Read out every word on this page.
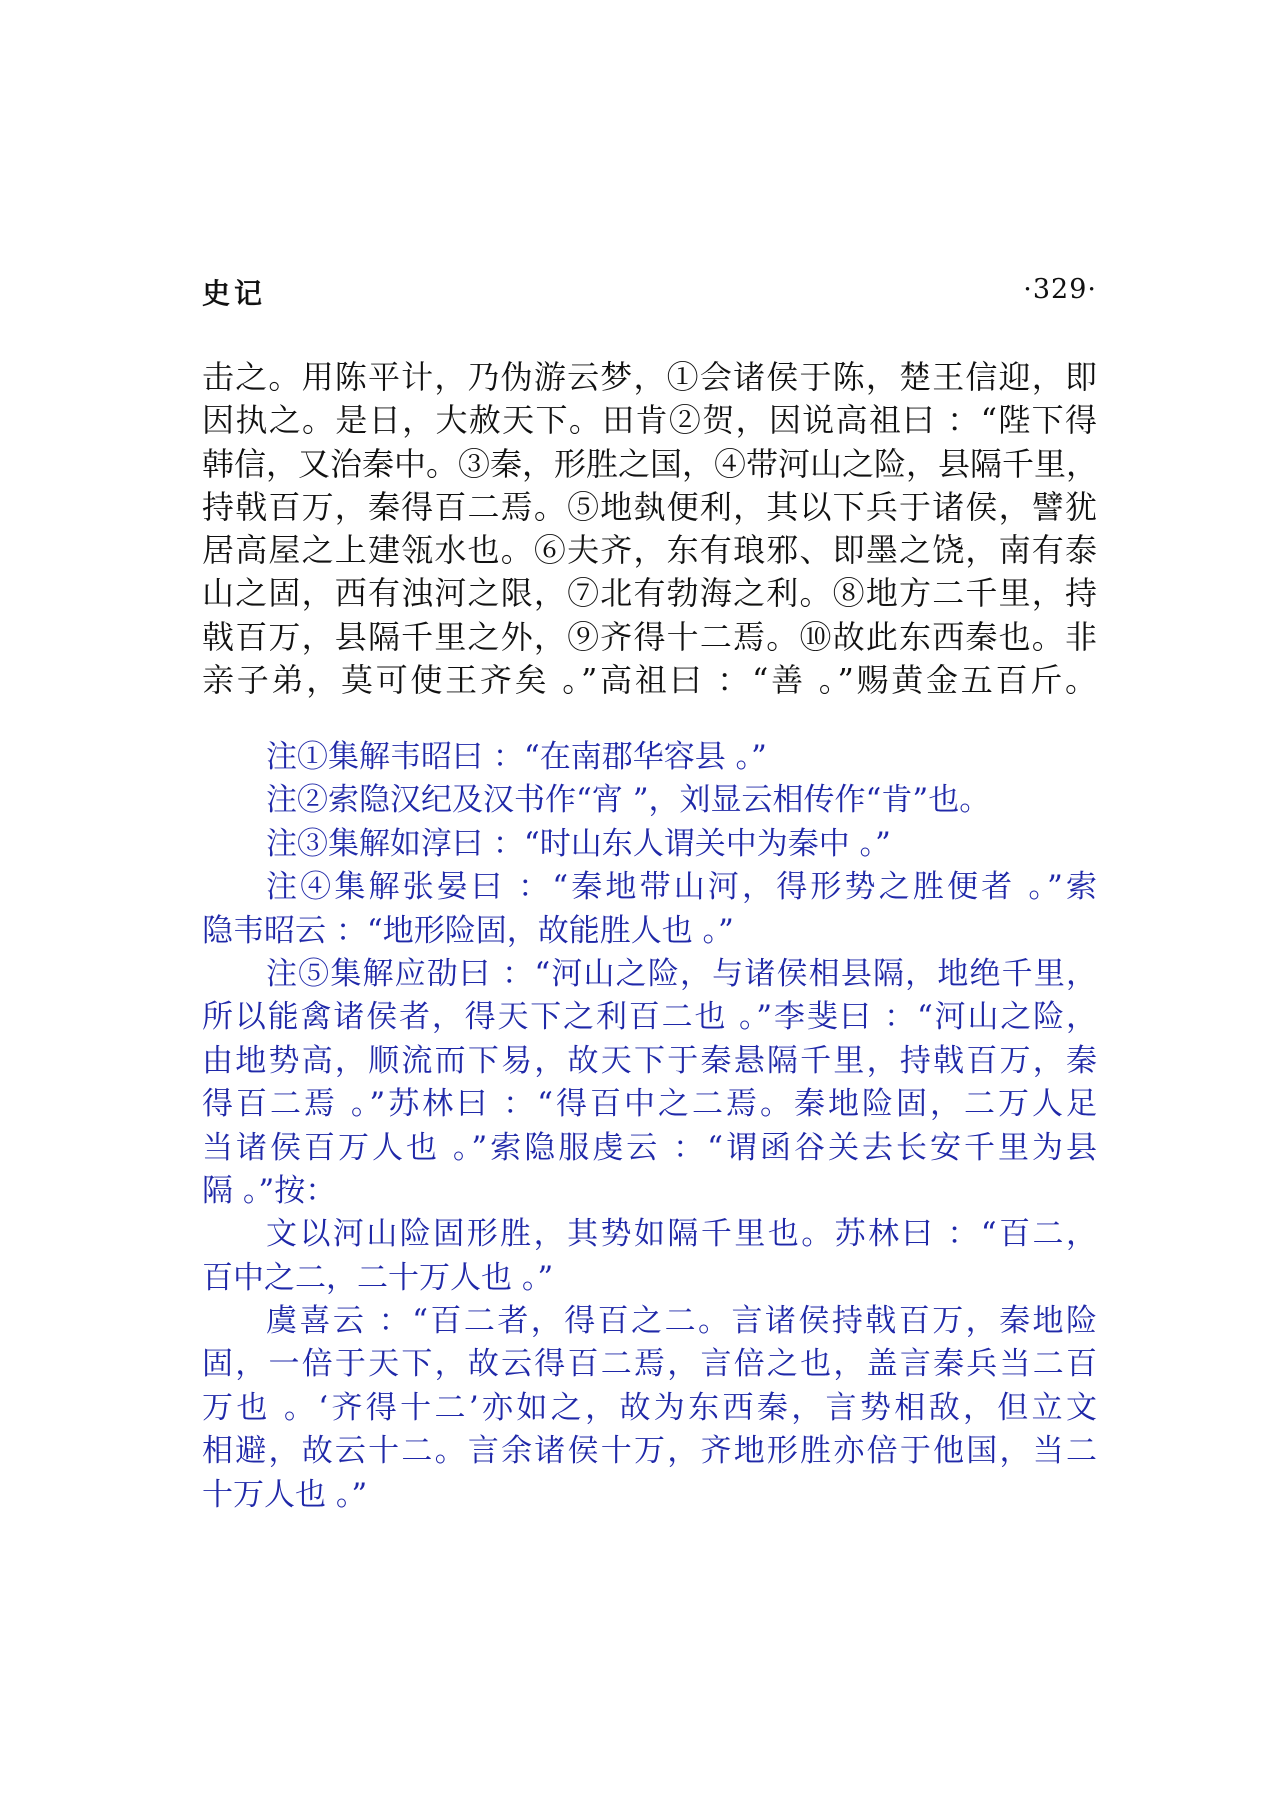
史记	·329·
击之。用陈平计，乃伪游云梦，①会诸侯于陈，楚王信迎，即
因执之。是日，大赦天下。田肯②贺，因说高祖曰 ：“陛下得
韩信，又治秦中。③秦，形胜之国，④带河山之险，县隔千里，
持戟百万，秦得百二焉。⑤地埶便利，其以下兵于诸侯，譬犹
居高屋之上建瓴水也。⑥夫齐，东有琅邪、即墨之饶，南有泰
山之固，西有浊河之限，⑦北有勃海之利。⑧地方二千里，持
戟百万，县隔千里之外，⑨齐得十二焉。⑩故此东西秦也。非
亲子弟，莫可使王齐矣 。”高祖曰 ：“善 。”赐黄金五百斤。
注①集解韦昭曰 ：“在南郡华容县 。”
注②索隐汉纪及汉书作“宵 ”，刘显云相传作“肯”也。
注③集解如淳曰 ：“时山东人谓关中为秦中 。”
注④集解张晏曰 ：“秦地带山河，得形势之胜便者 。”索
隐韦昭云 ：“地形险固，故能胜人也 。”
注⑤集解应劭曰 ：“河山之险，与诸侯相县隔，地绝千里，
所以能禽诸侯者，得天下之利百二也 。”李斐曰 ：“河山之险，
由地势高，顺流而下易，故天下于秦悬隔千里，持戟百万，秦
得百二焉 。”苏林曰 ：“得百中之二焉。秦地险固，二万人足
当诸侯百万人也 。”索隐服虔云 ：“谓函谷关去长安千里为县
隔 。”按：
文以河山险固形胜，其势如隔千里也。苏林曰 ：“百二，
百中之二，二十万人也 。”
虞喜云 ：“百二者，得百之二。言诸侯持戟百万，秦地险
固，一倍于天下，故云得百二焉，言倍之也，盖言秦兵当二百
万也 。‘齐得十二’亦如之，故为东西秦，言势相敌，但立文
相避，故云十二。言余诸侯十万，齐地形胜亦倍于他国，当二
十万人也 。”
